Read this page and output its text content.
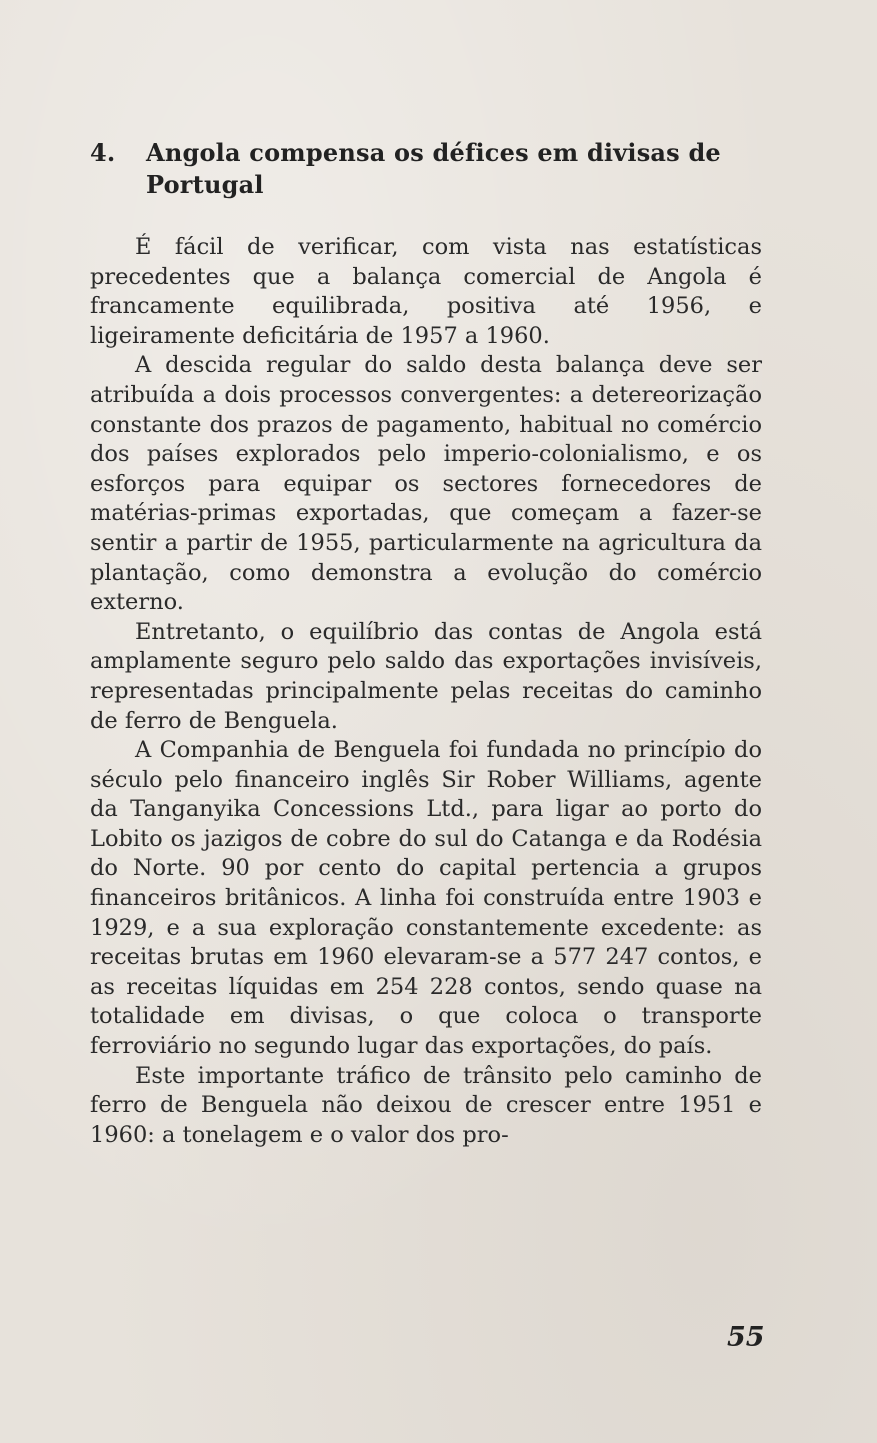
4. Angola compensa os défices em divisas de
Portugal

É fácil de verificar, com vista nas estatísticas precedentes que a balança comercial de Angola é francamente equilibrada, positiva até 1956, e ligeiramente deficitária de 1957 a 1960.

A descida regular do saldo desta balança deve ser atribuída a dois processos convergentes: a detereorização constante dos prazos de pagamento, habitual no comércio dos países explorados pelo imperio-colonialismo, e os esforços para equipar os sectores fornecedores de matérias-primas exportadas, que começam a fazer-se sentir a partir de 1955, particularmente na agricultura da plantação, como demonstra a evolução do comércio externo.

Entretanto, o equilíbrio das contas de Angola está amplamente seguro pelo saldo das exportações invisíveis, representadas principalmente pelas receitas do caminho de ferro de Benguela.

A Companhia de Benguela foi fundada no princípio do século pelo financeiro inglês Sir Rober Williams, agente da Tanganyika Concessions Ltd., para ligar ao porto do Lobito os jazigos de cobre do sul do Catanga e da Rodésia do Norte. 90 por cento do capital pertencia a grupos financeiros britânicos. A linha foi construída entre 1903 e 1929, e a sua exploração constantemente excedente: as receitas brutas em 1960 elevaram-se a 577 247 contos, e as receitas líquidas em 254 228 contos, sendo quase na totalidade em divisas, o que coloca o transporte ferroviário no segundo lugar das exportações, do país.

Este importante tráfico de trânsito pelo caminho de ferro de Benguela não deixou de crescer entre 1951 e 1960: a tonelagem e o valor dos pro-

55
